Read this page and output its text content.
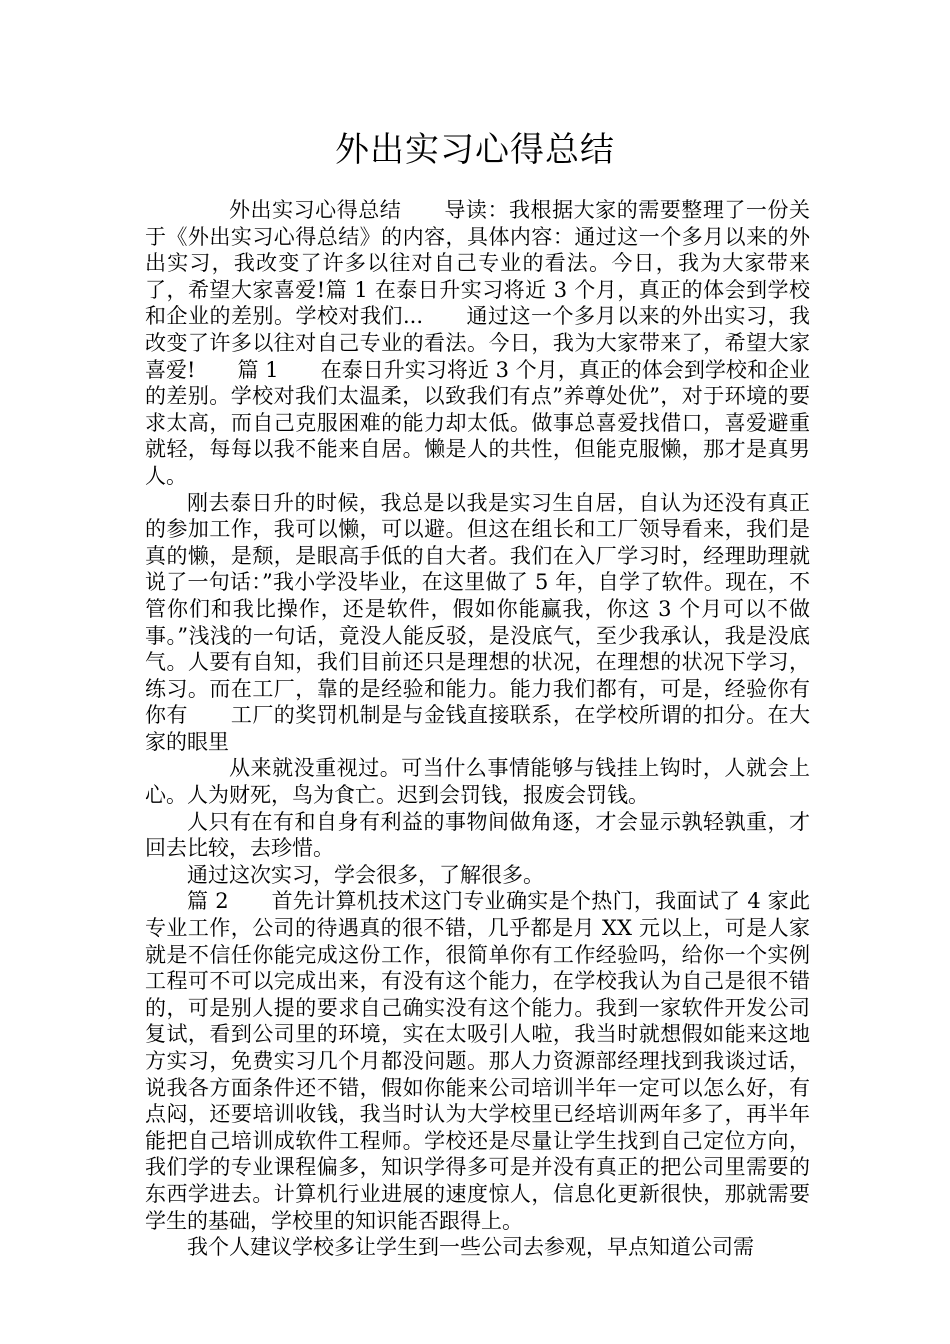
外出实习心得总结

外出实习心得总结　　导读：我根据大家的需要整理了一份关于《外出实习心得总结》的内容，具体内容：通过这一个多月以来的外出实习，我改变了许多以往对自己专业的看法。今日，我为大家带来了，希望大家喜爱!篇 1 在泰日升实习将近 3 个月，真正的体会到学校和企业的差别。学校对我们...　　通过这一个多月以来的外出实习，我改变了许多以往对自己专业的看法。今日，我为大家带来了，希望大家喜爱!　　篇 1　　在泰日升实习将近 3 个月，真正的体会到学校和企业的差别。学校对我们太温柔，以致我们有点”养尊处优”，对于环境的要求太高，而自己克服困难的能力却太低。做事总喜爱找借口，喜爱避重就轻，每每以我不能来自居。懒是人的共性，但能克服懒，那才是真男人。

刚去泰日升的时候，我总是以我是实习生自居，自认为还没有真正的参加工作，我可以懒，可以避。但这在组长和工厂领导看来，我们是真的懒，是颓，是眼高手低的自大者。我们在入厂学习时，经理助理就说了一句话：”我小学没毕业，在这里做了 5 年，自学了软件。现在，不管你们和我比操作，还是软件，假如你能赢我，你这 3 个月可以不做事。”浅浅的一句话，竟没人能反驳，是没底气，至少我承认，我是没底气。人要有自知，我们目前还只是理想的状况，在理想的状况下学习，练习。而在工厂，靠的是经验和能力。能力我们都有，可是，经验你有你有　　工厂的奖罚机制是与金钱直接联系，在学校所谓的扣分。在大家的眼里

从来就没重视过。可当什么事情能够与钱挂上钩时，人就会上心。人为财死，鸟为食亡。迟到会罚钱，报废会罚钱。

人只有在有和自身有利益的事物间做角逐，才会显示孰轻孰重，才回去比较，去珍惜。

通过这次实习，学会很多，了解很多。

篇 2　　首先计算机技术这门专业确实是个热门，我面试了 4 家此专业工作，公司的待遇真的很不错，几乎都是月 XX 元以上，可是人家就是不信任你能完成这份工作，很简单你有工作经验吗，给你一个实例工程可不可以完成出来，有没有这个能力，在学校我认为自己是很不错的，可是别人提的要求自己确实没有这个能力。我到一家软件开发公司复试，看到公司里的环境，实在太吸引人啦，我当时就想假如能来这地方实习，免费实习几个月都没问题。那人力资源部经理找到我谈过话，说我各方面条件还不错，假如你能来公司培训半年一定可以怎么好，有点闷，还要培训收钱，我当时认为大学校里已经培训两年多了，再半年能把自己培训成软件工程师。学校还是尽量让学生找到自己定位方向，我们学的专业课程偏多，知识学得多可是并没有真正的把公司里需要的东西学进去。计算机行业进展的速度惊人，信息化更新很快，那就需要学生的基础，学校里的知识能否跟得上。

我个人建议学校多让学生到一些公司去参观，早点知道公司需
